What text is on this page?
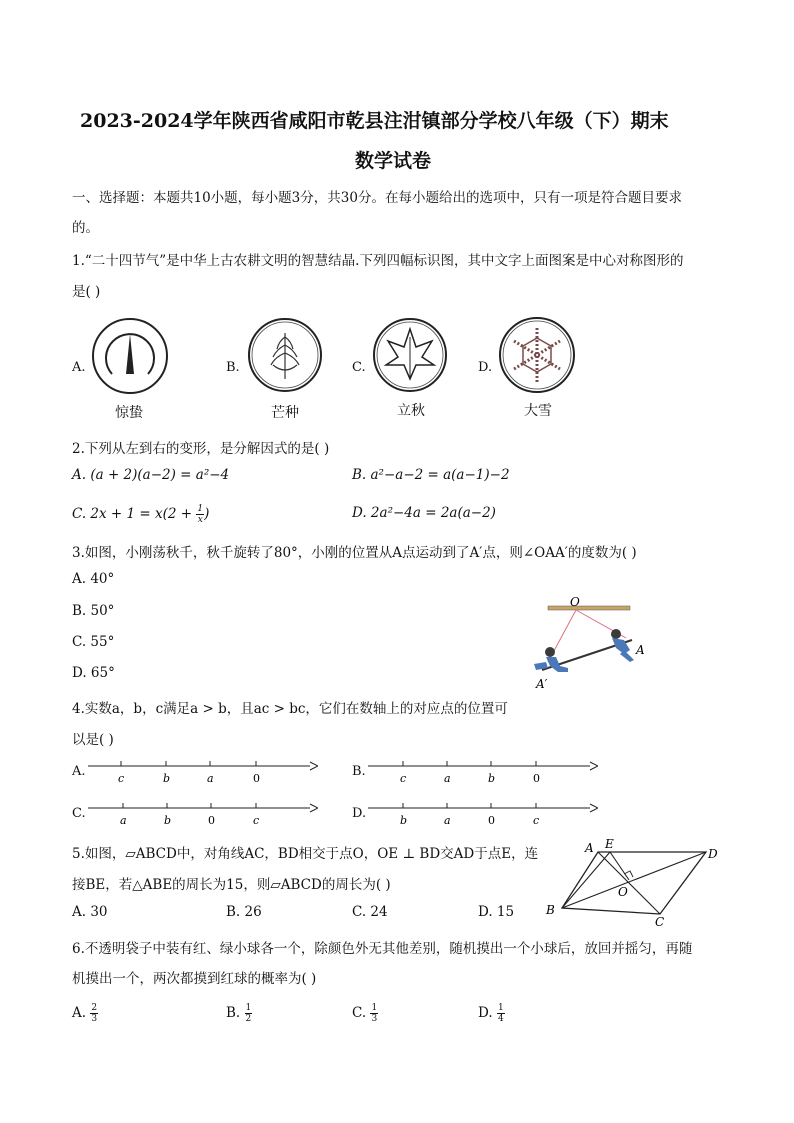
2023-2024学年陕西省咸阳市乾县注泔镇部分学校八年级（下）期末
数学试卷
一、选择题：本题共10小题，每小题3分，共30分。在每小题给出的选项中，只有一项是符合题目要求
的。
1.“二十四节气”是中华上古农耕文明的智慧结晶.下列四幅标识图，其中文字上面图案是中心对称图形的
是( )
A.	B.	C.	D.
惊蛰	芒种	立秋	大雪
2.下列从左到右的变形，是分解因式的是( )
A. (a + 2)(a−2) = a²−4	B. a²−a−2 = a(a−1)−2
C. $2x + 1 = x(2 + \frac{1}{x}$ )	D. 2a²−4a = 2a(a−2)
3.如图，小刚荡秋千，秋千旋转了80°，小刚的位置从A点运动到了A′点，则∠OAA′的度数为( )
A. 40°
B. 50°
C. 55°
D. 65°
O
A
A′
4.实数a，b，c满足a > b，且ac > bc，它们在数轴上的对应点的位置可
以是( )
A.	B.
C.	D.
c	b	a	0	c	a	b	0
a	b	0	c	b	a	0	c
5.如图，▱ABCD中，对角线AC，BD相交于点O，OE ⊥ BD交AD于点E，连
接BE，若△ABE的周长为15，则▱ABCD的周长为( )
A. 30	B. 26	C. 24	D. 15
A E
D
B
O
C
6.不透明袋子中装有红、绿小球各一个，除颜色外无其他差别，随机摸出一个小球后，放回并摇匀，再随
机摸出一个，两次都摸到红球的概率为( )
A. $\frac{2}{3}$	B. $\frac{1}{2}$	C. $\frac{1}{3}$	D. $\frac{1}{4}$
